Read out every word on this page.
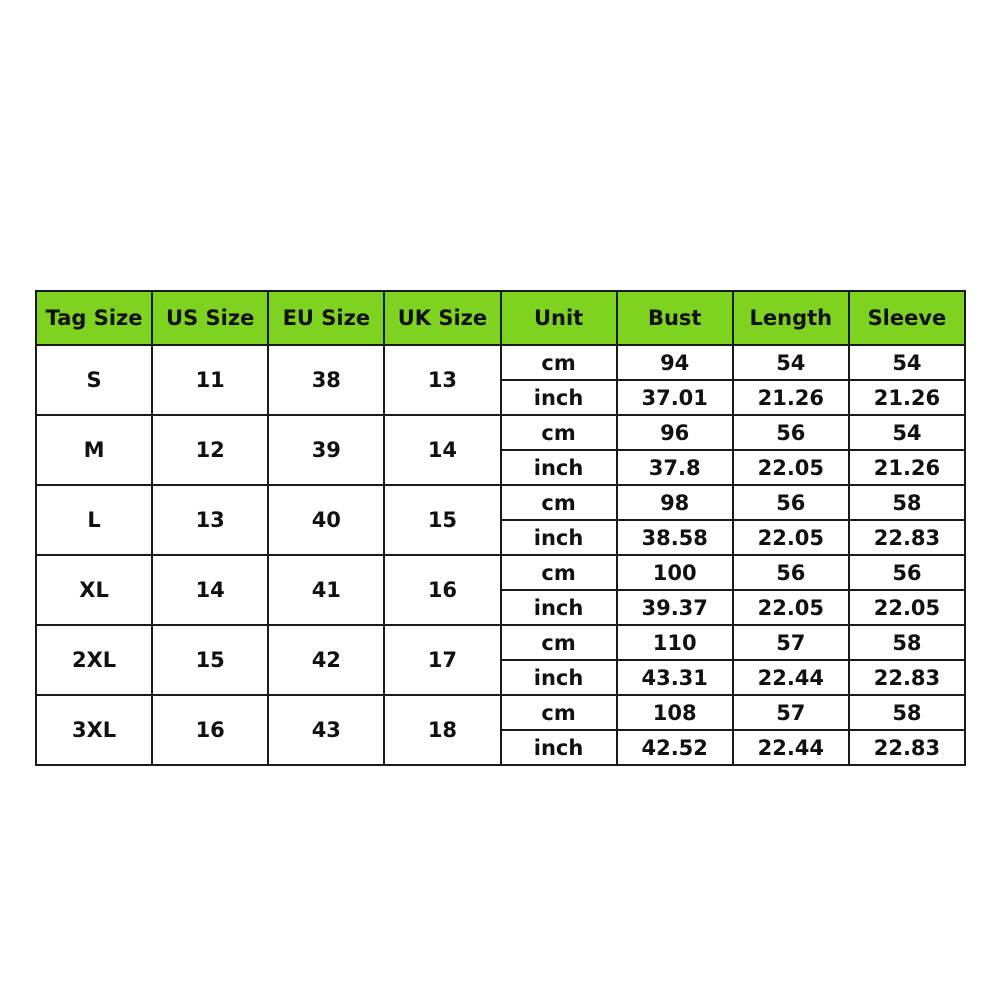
Tag Size	US Size	EU Size	UK Size	Unit	Bust	Length	Sleeve
S	11	38	13	cm	94	54	54
				inch	37.01	21.26	21.26
M	12	39	14	cm	96	56	54
				inch	37.8	22.05	21.26
L	13	40	15	cm	98	56	58
				inch	38.58	22.05	22.83
XL	14	41	16	cm	100	56	56
				inch	39.37	22.05	22.05
2XL	15	42	17	cm	110	57	58
				inch	43.31	22.44	22.83
3XL	16	43	18	cm	108	57	58
				inch	42.52	22.44	22.83
